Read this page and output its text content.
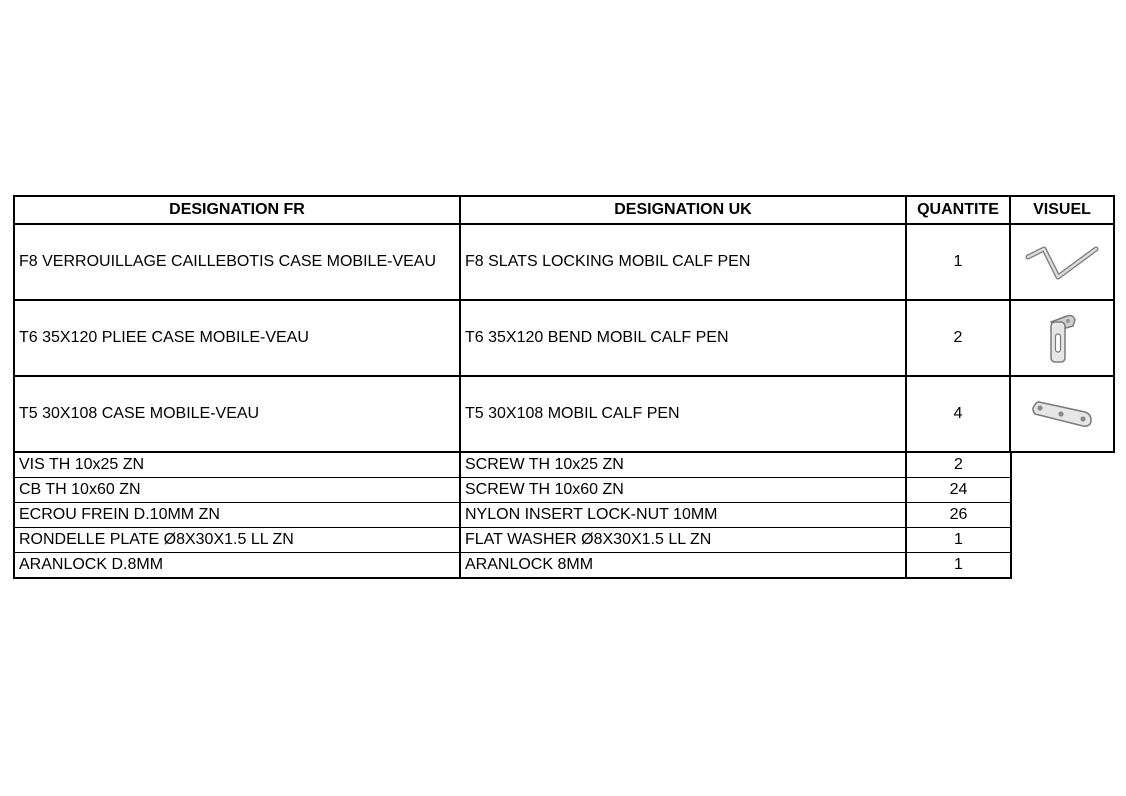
DESIGNATION FR	DESIGNATION UK	QUANTITE	VISUEL
F8 VERROUILLAGE CAILLEBOTIS CASE MOBILE-VEAU	F8 SLATS LOCKING MOBIL CALF PEN	1	

T6 35X120 PLIEE CASE MOBILE-VEAU	T6 35X120 BEND MOBIL CALF PEN	2	

T5 30X108 CASE MOBILE-VEAU	T5 30X108 MOBIL CALF PEN	4	
VIS TH 10x25 ZN	SCREW TH 10x25 ZN	2
CB TH 10x60 ZN	SCREW TH 10x60 ZN	24
ECROU FREIN D.10MM ZN	NYLON INSERT LOCK-NUT 10MM	26
RONDELLE PLATE Ø8X30X1.5 LL ZN	FLAT WASHER Ø8X30X1.5 LL ZN	1
ARANLOCK D.8MM	ARANLOCK 8MM	1
